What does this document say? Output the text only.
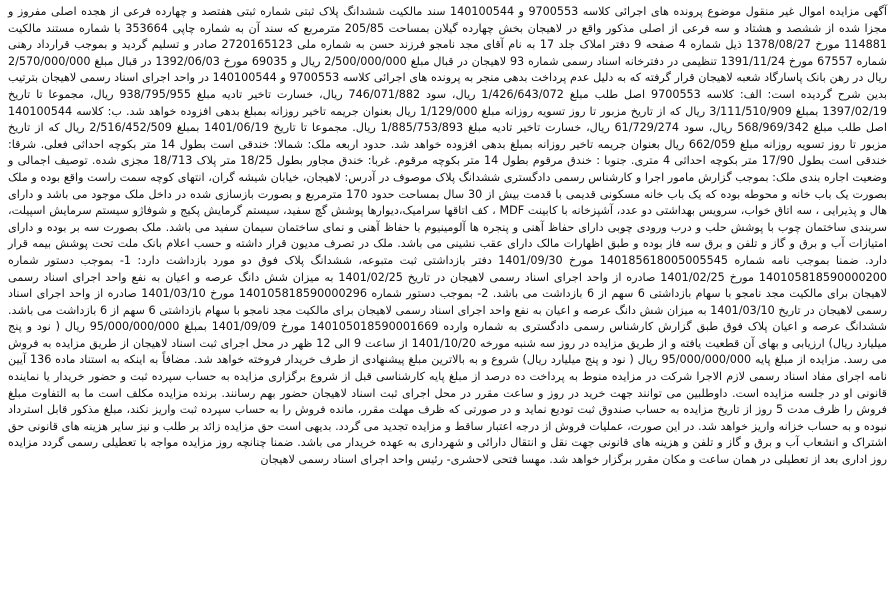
آگهی مزایده اموال غیر منقول موضوع پرونده های اجرائی کلاسه 9700553 و 140100544 سند مالکیت ششدانگ پلاک ثبتی شماره ثبتی هفتصد و چهارده فرعی از هجده اصلی مفروز و مجزا شده از ششصد و هشتاد و سه فرعی از اصلی مذکور واقع در لاهیجان بخش چهارده گیلان بمساحت 205/85 مترمربع که سند آن به شماره چاپی 353664 با شماره مستند مالکیت 114881 مورخ 1378/08/27 ذیل شماره 4 صفحه 9 دفتر املاک جلد 17 به نام آقای مجد نامجو فرزند حسن به شماره ملی 2720165123 صادر و تسلیم گردید و بموجب قرارداد رهنی شماره 67557 مورخ 1391/11/24 تنظیمی در دفترخانه اسناد رسمی شماره 93 لاهیجان در قبال مبلغ 2/500/000/000 ریال و 69035 مورخ 1392/06/03 در قبال مبلغ 2/570/000/000 ریال در رهن بانک پاسارگاد شعبه لاهیجان قرار گرفته که به دلیل عدم پرداخت بدهی منجر به پرونده های اجرائی کلاسه 9700553 و 140100544 در واحد اجرای اسناد رسمی لاهیجان بترتیب بدین شرح گردیده است: الف: کلاسه 9700553 اصل طلب مبلغ 1/426/643/072 ریال، سود 746/071/882 ریال، خسارت تاخیر تادیه مبلغ 938/795/955 ریال، مجموعا تا تاریخ 1397/02/19 بمبلغ 3/111/510/909 ریال که از تاریخ مزبور تا روز تسویه روزانه مبلغ 1/129/000 ریال بعنوان جریمه تاخیر روزانه بمبلغ بدهی افزوده خواهد شد. ب: کلاسه 140100544 اصل طلب مبلغ 568/969/342 ریال، سود 61/729/274 ریال، خسارت تاخیر تادیه مبلغ 1/885/753/893 ریال. مجموعا تا تاریخ 1401/06/19 بمبلغ 2/516/452/509 ریال که از تاریخ مزبور تا روز تسویه روزانه مبلغ 662/059 ریال بعنوان جریمه تاخیر روزانه بمبلغ بدهی افزوده خواهد شد. حدود اربعه ملک: شمالا: خندقی است بطول 14 متر بکوچه احداثی فعلی. شرقا: خندقی است بطول 17/90 متر بکوچه احداثی 4 متری. جنوبا : خندق مرقوم بطول 14 متر بکوچه مرقوم. غربا: خندق مجاور بطول 18/25 متر پلاک 18/713 مجزی شده. توصیف اجمالی و وضعیت اجاره بندی ملک: بموجب گزارش مامور اجرا و کارشناس رسمی دادگستری ششدانگ پلاک موصوف در آدرس: لاهیجان، خیابان شیشه گران، انتهای کوچه سمت راست واقع بوده و ملک بصورت یک باب خانه و محوطه بوده که یک باب خانه مسکونی قدیمی با قدمت بیش از 30 سال بمساحت حدود 170 مترمربع و بصورت بازسازی شده در داخل ملک موجود می باشد و دارای هال و پذیرایی ، سه اتاق خواب، سرویس بهداشتی دو عدد، آشپزخانه با کابینت MDF ، کف اتاقها سرامیک،دیوارها پوشش گچ سفید، سیستم گرمایش پکیج و شوفاژو سیستم سرمایش اسپیلت، سربندی ساختمان چوب با پوشش حلب و درب ورودی چوبی دارای حفاظ آهنی و پنجره ها آلومینیوم با حفاظ آهنی و نمای ساختمان سیمان سفید می باشد. ملک بصورت سه بر بوده و دارای امتیازات آب و برق و گاز و تلفن و برق سه فاز بوده و طبق اظهارات مالک دارای عقب نشینی می باشد. ملک در تصرف مدیون قرار داشته و حسب اعلام بانک ملت تحت پوشش بیمه قرار دارد. ضمنا بموجب نامه شماره 140185618005005545 مورخ 1401/09/30 دفتر بازداشتی ثبت متبوعه، ششدانگ پلاک فوق دو مورد بازداشت دارد: 1- بموجب دستور شماره 140105818590000200 مورخ 1401/02/25 صادره از واحد اجرای اسناد رسمی لاهیجان در تاریخ 1401/02/25 به میزان شش دانگ عرصه و اعیان به نفع واحد اجرای اسناد رسمی لاهیجان برای مالکیت مجد نامجو با سهام بازداشتی 6 سهم از 6 بازداشت می باشد. 2- بموجب دستور شماره 140105818590000296 مورخ 1401/03/10 صادره از واحد اجرای اسناد رسمی لاهیجان در تاریخ 1401/03/10 به میزان شش دانگ عرصه و اعیان به نفع واحد اجرای اسناد رسمی لاهیجان برای مالکیت مجد نامجو با سهام بازداشتی 6 سهم از 6 بازداشت می باشد. ششدانگ عرصه و اعیان پلاک فوق طبق گزارش کارشناس رسمی دادگستری به شماره وارده 140105018590001669 مورخ 1401/09/09 بمبلغ 95/000/000/000 ریال ( نود و پنج میلیارد ریال) ارزیابی و بهای آن قطعیت یافته و از طریق مزایده در روز سه شنبه مورخه 1401/10/20 از ساعت 9 الی 12 ظهر در محل اجرای ثبت اسناد لاهیجان از طریق مزایده به فروش می رسد. مزایده از مبلغ پایه 95/000/000/000 ریال ( نود و پنج میلیارد ریال) شروع و به بالاترین مبلغ پیشنهادی از طرف خریدار فروخته خواهد شد. مضافاً به اینکه به استناد ماده 136 آیین نامه اجرای مفاد اسناد رسمی لازم الاجرا شرکت در مزایده منوط به پرداخت ده درصد از مبلغ پایه کارشناسی قبل از شروع برگزاری مزایده به حساب سپرده ثبت و حضور خریدار یا نماینده قانونی او در جلسه مزایده است. داوطلبین می توانند جهت خرید در روز و ساعت مقرر در محل اجرای ثبت اسناد لاهیجان حضور بهم رسانند. برنده مزایده مکلف است ما به التفاوت مبلغ فروش را ظرف مدت 5 روز از تاریخ مزایده به حساب صندوق ثبت تودیع نماید و در صورتی که ظرف مهلت مقرر، مانده فروش را به حساب سپرده ثبت واریز نکند، مبلغ مذکور قابل استرداد نبوده و به حساب خزانه واریز خواهد شد. در این صورت، عملیات فروش از درجه اعتبار ساقط و مزایده تجدید می گردد. بدیهی است حق مزایده زائد بر طلب و نیز سایر هزینه های قانونی حق اشتراک و انشعاب آب و برق و گاز و تلفن و هزینه های قانونی جهت نقل و انتقال دارائی و شهرداری به عهده خریدار می باشد. ضمنا چنانچه روز مزایده مواجه با تعطیلی رسمی گردد مزایده روز اداری بعد از تعطیلی در همان ساعت و مکان مقرر برگزار خواهد شد. مهسا فتحی لاحشری- رئیس واحد اجرای اسناد رسمی لاهیجان
